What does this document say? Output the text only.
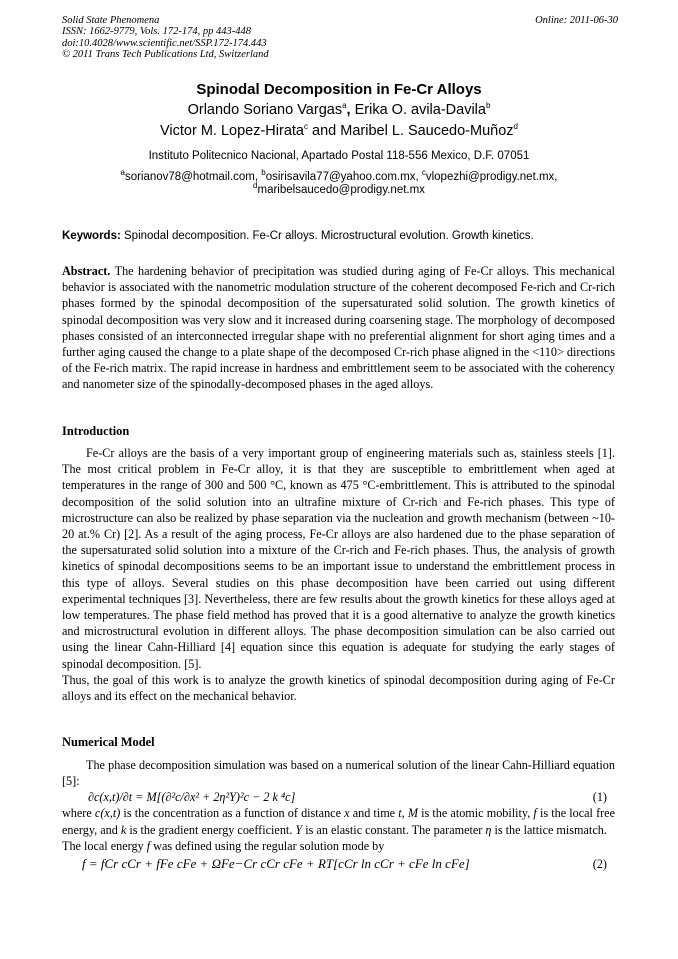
Solid State Phenomena
ISSN: 1662-9779, Vols. 172-174, pp 443-448
doi:10.4028/www.scientific.net/SSP.172-174.443
© 2011 Trans Tech Publications Ltd, Switzerland
Online: 2011-06-30
Spinodal Decomposition in Fe-Cr Alloys
Orlando Soriano Vargas$^a$, Erika O. avila-Davila$^b$
Victor M. Lopez-Hirata$^c$ and Maribel L. Saucedo-Muñoz$^d$
Instituto Politecnico Nacional, Apartado Postal 118-556 Mexico, D.F. 07051
$^a$sorianov78@hotmail.com, $^b$osirisavila77@yahoo.com.mx, $^c$vlopezhi@prodigy.net.mx,
$^d$maribelsaucedo@prodigy.net.mx
Keywords: Spinodal decomposition. Fe-Cr alloys. Microstructural evolution. Growth kinetics.

Abstract. The hardening behavior of precipitation was studied during aging of Fe-Cr alloys. This mechanical behavior is associated with the nanometric modulation structure of the coherent decomposed Fe-rich and Cr-rich phases formed by the spinodal decomposition of the supersaturated solid solution. The growth kinetics of spinodal decomposition was very slow and it increased during coarsening stage. The morphology of decomposed phases consisted of an interconnected irregular shape with no preferential alignment for short aging times and a further aging caused the change to a plate shape of the decomposed Cr-rich phase aligned in the <110> directions of the Fe-rich matrix. The rapid increase in hardness and embrittlement seem to be associated with the coherency and nanometer size of the spinodally-decomposed phases in the aged alloys.

Introduction

Fe-Cr alloys are the basis of a very important group of engineering materials such as, stainless steels [1]. The most critical problem in Fe-Cr alloy, it is that they are susceptible to embrittlement when aged at temperatures in the range of 300 and 500 °C, known as 475 °C-embrittlement. This is attributed to the spinodal decomposition of the solid solution into an ultrafine mixture of Cr-rich and Fe-rich phases. This type of microstructure can also be realized by phase separation via the nucleation and growth mechanism (between ~10-20 at.% Cr) [2]. As a result of the aging process, Fe-Cr alloys are also hardened due to the phase separation of the supersaturated solid solution into a mixture of the Cr-rich and Fe-rich phases. Thus, the analysis of growth kinetics of spinodal decompositions seems to be an important issue to understand the embrittlement process in this type of alloys. Several studies on this phase decomposition have been carried out using different experimental techniques [3]. Nevertheless, there are few results about the growth kinetics for these alloys aged at low temperatures. The phase field method has proved that it is a good alternative to analyze the growth kinetics and microstructural evolution in different alloys. The phase decomposition simulation can be also carried out using the linear Cahn-Hilliard [4] equation since this equation is adequate for studying the early stages of spinodal decomposition. [5].

Thus, the goal of this work is to analyze the growth kinetics of spinodal decomposition during aging of Fe-Cr alloys and its effect on the mechanical behavior.

Numerical Model

The phase decomposition simulation was based on a numerical solution of the linear Cahn-Hilliard equation [5]:

∂c(x,t)/∂t = M[(∂²c/∂x² + 2η²Y)²c − 2 k ⁴c]	(1)

where c(x,t) is the concentration as a function of distance x and time t, M is the atomic mobility, f is the local free energy, and k is the gradient energy coefficient. Y is an elastic constant. The parameter η is the lattice mismatch.

The local energy f was defined using the regular solution mode by

f = fCr cCr + fFe cFe + ΩFe−Cr cCr cFe + RT[cCr ln cCr + cFe ln cFe]	(2)
